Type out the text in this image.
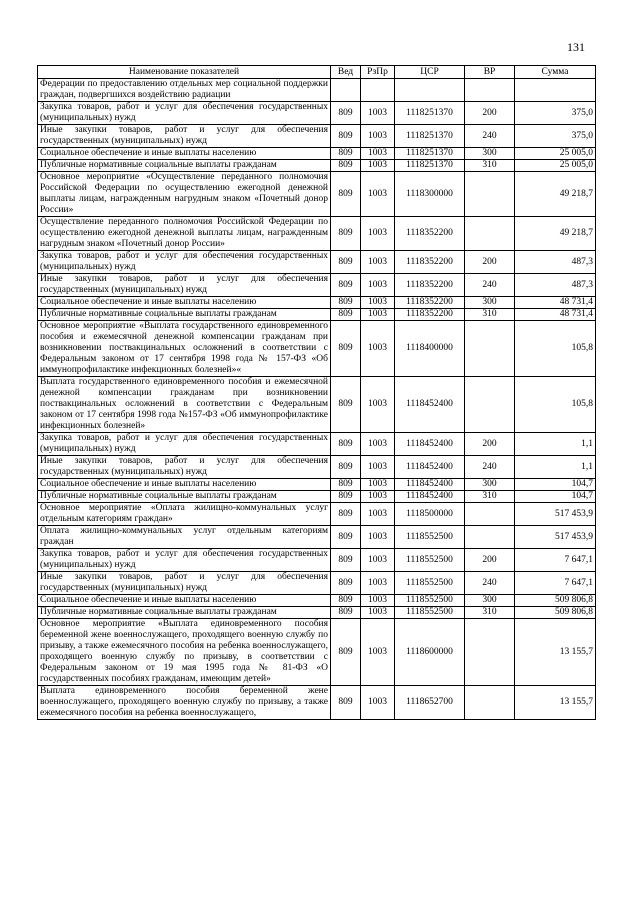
131
Наименование показателей	Вед	РзПр	ЦСР	ВР	Сумма
Федерации по предоставлению отдельных мер социальной поддержки граждан, подвергшихся воздействию радиации					
Закупка товаров, работ и услуг для обеспечения государственных (муниципальных) нужд	809	1003	1118251370	200	375,0
Иные закупки товаров, работ и услуг для обеспечения государственных (муниципальных) нужд	809	1003	1118251370	240	375,0
Социальное обеспечение и иные выплаты населению	809	1003	1118251370	300	25 005,0
Публичные нормативные социальные выплаты гражданам	809	1003	1118251370	310	25 005,0
Основное мероприятие «Осуществление переданного полномочия Российской Федерации по осуществлению ежегодной денежной выплаты лицам, награжденным нагрудным знаком «Почетный донор России»	809	1003	1118300000		49 218,7
Осуществление переданного полномочия Российской Федерации по осуществлению ежегодной денежной выплаты лицам, награжденным нагрудным знаком «Почетный донор России»	809	1003	1118352200		49 218,7
Закупка товаров, работ и услуг для обеспечения государственных (муниципальных) нужд	809	1003	1118352200	200	487,3
Иные закупки товаров, работ и услуг для обеспечения государственных (муниципальных) нужд	809	1003	1118352200	240	487,3
Социальное обеспечение и иные выплаты населению	809	1003	1118352200	300	48 731,4
Публичные нормативные социальные выплаты гражданам	809	1003	1118352200	310	48 731,4
Основное мероприятие «Выплата государственного единовременного пособия и ежемесячной денежной компенсации гражданам при возникновении поствакцинальных осложнений в соответствии с Федеральным законом от 17 сентября 1998 года № 157-ФЗ «Об иммунопрофилактике инфекционных болезней»«	809	1003	1118400000		105,8
Выплата государственного единовременного пособия и ежемесячной денежной компенсации гражданам при возникновении поствакцинальных осложнений в соответствии с Федеральным законом от 17 сентября 1998 года №157-ФЗ «Об иммунопрофилактике инфекционных болезней»	809	1003	1118452400		105,8
Закупка товаров, работ и услуг для обеспечения государственных (муниципальных) нужд	809	1003	1118452400	200	1,1
Иные закупки товаров, работ и услуг для обеспечения государственных (муниципальных) нужд	809	1003	1118452400	240	1,1
Социальное обеспечение и иные выплаты населению	809	1003	1118452400	300	104,7
Публичные нормативные социальные выплаты гражданам	809	1003	1118452400	310	104,7
Основное мероприятие «Оплата жилищно-коммунальных услуг отдельным категориям граждан»	809	1003	1118500000		517 453,9
Оплата жилищно-коммунальных услуг отдельным категориям граждан	809	1003	1118552500		517 453,9
Закупка товаров, работ и услуг для обеспечения государственных (муниципальных) нужд	809	1003	1118552500	200	7 647,1
Иные закупки товаров, работ и услуг для обеспечения государственных (муниципальных) нужд	809	1003	1118552500	240	7 647,1
Социальное обеспечение и иные выплаты населению	809	1003	1118552500	300	509 806,8
Публичные нормативные социальные выплаты гражданам	809	1003	1118552500	310	509 806,8
Основное мероприятие «Выплата единовременного пособия беременной жене военнослужащего, проходящего военную службу по призыву, а также ежемесячного пособия на ребенка военнослужащего, проходящего военную службу по призыву, в соответствии с Федеральным законом от 19 мая 1995 года № 81-ФЗ «О государственных пособиях гражданам, имеющим детей»	809	1003	1118600000		13 155,7
Выплата единовременного пособия беременной жене военнослужащего, проходящего военную службу по призыву, а также ежемесячного пособия на ребенка военнослужащего,	809	1003	1118652700		13 155,7
